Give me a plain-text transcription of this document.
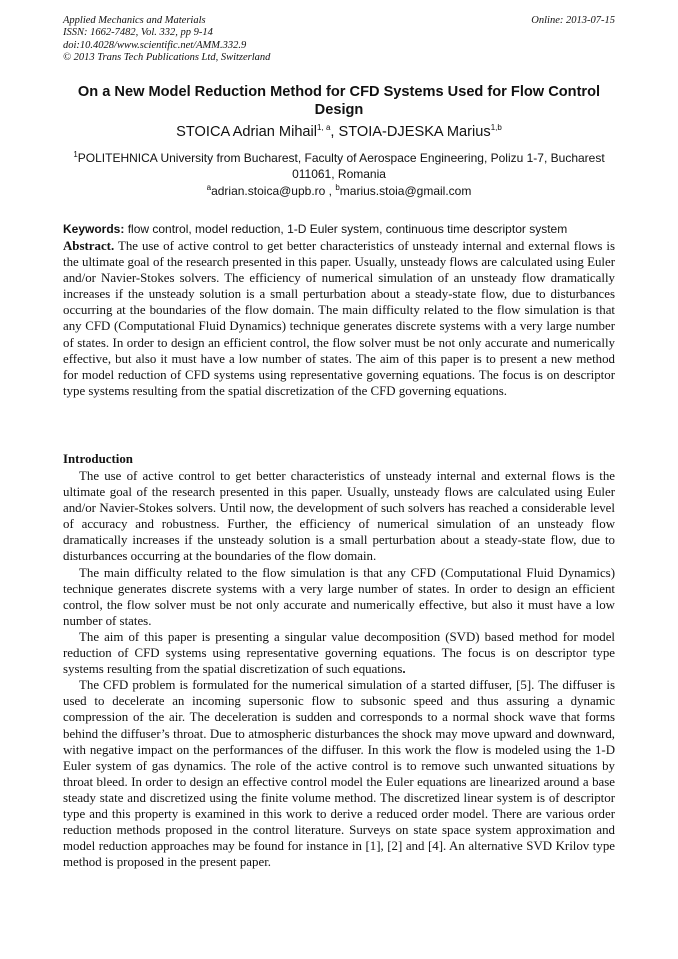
Applied Mechanics and Materials
ISSN: 1662-7482, Vol. 332, pp 9-14
doi:10.4028/www.scientific.net/AMM.332.9
© 2013 Trans Tech Publications Ltd, Switzerland
Online: 2013-07-15
On a New Model Reduction Method for CFD Systems Used for Flow Control Design
STOICA Adrian Mihail$^{1, a}$, STOIA-DJESKA Marius$^{1,b}$
$^1$POLITEHNICA University from Bucharest, Faculty of Aerospace Engineering, Polizu 1-7, Bucharest 011061, Romania
$^a$adrian.stoica@upb.ro , $^b$marius.stoia@gmail.com
Keywords: flow control, model reduction, 1-D Euler system, continuous time descriptor system

Abstract. The use of active control to get better characteristics of unsteady internal and external flows is the ultimate goal of the research presented in this paper. Usually, unsteady flows are calculated using Euler and/or Navier-Stokes solvers. The efficiency of numerical simulation of an unsteady flow dramatically increases if the unsteady solution is a small perturbation about a steady-state flow, due to disturbances occurring at the boundaries of the flow domain. The main difficulty related to the flow simulation is that any CFD (Computational Fluid Dynamics) technique generates discrete systems with a very large number of states. In order to design an efficient control, the flow solver must be not only accurate and numerically effective, but also it must have a low number of states. The aim of this paper is to present a new method for model reduction of CFD systems using representative governing equations. The focus is on descriptor type systems resulting from the spatial discretization of the CFD governing equations.

Introduction

The use of active control to get better characteristics of unsteady internal and external flows is the ultimate goal of the research presented in this paper. Usually, unsteady flows are calculated using Euler and/or Navier-Stokes solvers. Until now, the development of such solvers has reached a considerable level of accuracy and robustness. Further, the efficiency of numerical simulation of an unsteady flow dramatically increases if the unsteady solution is a small perturbation about a steady-state flow, due to disturbances occurring at the boundaries of the flow domain.

The main difficulty related to the flow simulation is that any CFD (Computational Fluid Dynamics) technique generates discrete systems with a very large number of states. In order to design an efficient control, the flow solver must be not only accurate and numerically effective, but also it must have a low number of states.

The aim of this paper is presenting a singular value decomposition (SVD) based method for model reduction of CFD systems using representative governing equations. The focus is on descriptor type systems resulting from the spatial discretization of such equations.

The CFD problem is formulated for the numerical simulation of a started diffuser, [5]. The diffuser is used to decelerate an incoming supersonic flow to subsonic speed and thus assuring a dynamic compression of the air. The deceleration is sudden and corresponds to a normal shock wave that forms behind the diffuser’s throat. Due to atmospheric disturbances the shock may move upward and downward, with negative impact on the performances of the diffuser. In this work the flow is modeled using the 1-D Euler system of gas dynamics. The role of the active control is to remove such unwanted situations by throat bleed. In order to design an effective control model the Euler equations are linearized around a base steady state and discretized using the finite volume method. The discretized linear system is of descriptor type and this property is examined in this work to derive a reduced order model. There are various order reduction methods proposed in the control literature. Surveys on state space system approximation and model reduction approaches may be found for instance in [1], [2] and [4]. An alternative SVD Krilov type method is proposed in the present paper.
